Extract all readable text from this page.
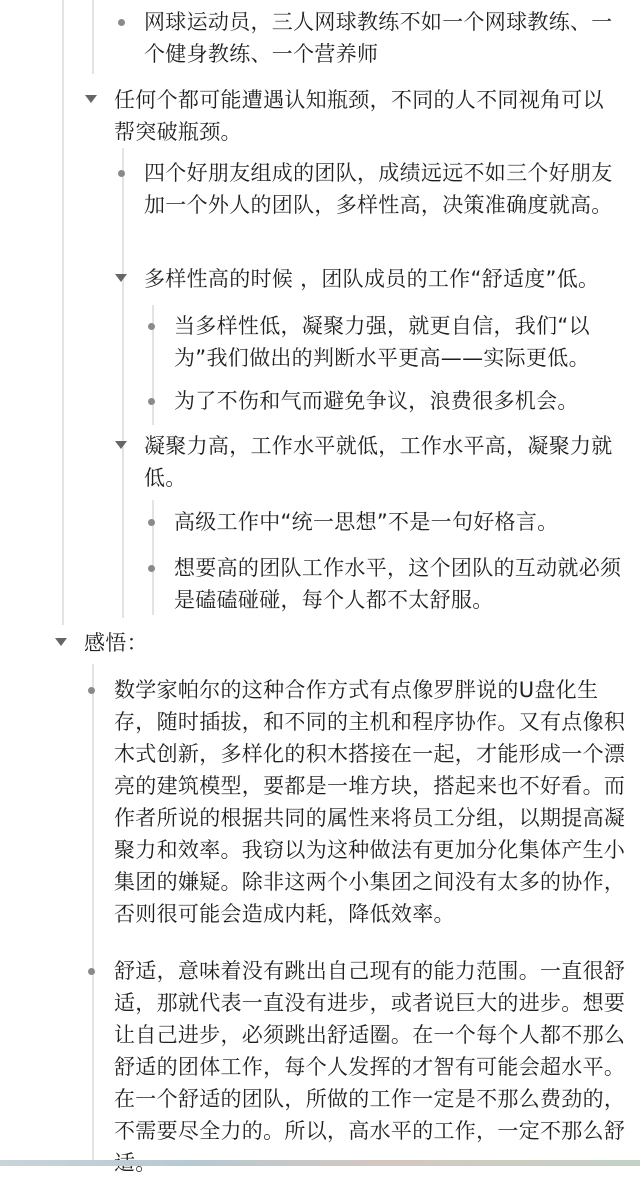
网球运动员，三人网球教练不如一个网球教练、一个健身教练、一个营养师
任何个都可能遭遇认知瓶颈，不同的人不同视角可以帮突破瓶颈。
四个好朋友组成的团队，成绩远远不如三个好朋友加一个外人的团队，多样性高，决策准确度就高。
多样性高的时候 ，团队成员的工作“舒适度”低。
当多样性低，凝聚力强，就更自信，我们“以为”我们做出的判断水平更高——实际更低。
为了不伤和气而避免争议，浪费很多机会。
凝聚力高，工作水平就低，工作水平高，凝聚力就低。
高级工作中“统一思想”不是一句好格言。
想要高的团队工作水平，这个团队的互动就必须是磕磕碰碰，每个人都不太舒服。
感悟：
数学家帕尔的这种合作方式有点像罗胖说的U盘化生存，随时插拔，和不同的主机和程序协作。又有点像积木式创新，多样化的积木搭接在一起，才能形成一个漂亮的建筑模型，要都是一堆方块，搭起来也不好看。而作者所说的根据共同的属性来将员工分组，以期提高凝聚力和效率。我窃以为这种做法有更加分化集体产生小集团的嫌疑。除非这两个小集团之间没有太多的协作，否则很可能会造成内耗，降低效率。
舒适，意味着没有跳出自己现有的能力范围。一直很舒适，那就代表一直没有进步，或者说巨大的进步。想要让自己进步，必须跳出舒适圈。在一个每个人都不那么舒适的团体工作，每个人发挥的才智有可能会超水平。在一个舒适的团队，所做的工作一定是不那么费劲的，不需要尽全力的。所以，高水平的工作，一定不那么舒
